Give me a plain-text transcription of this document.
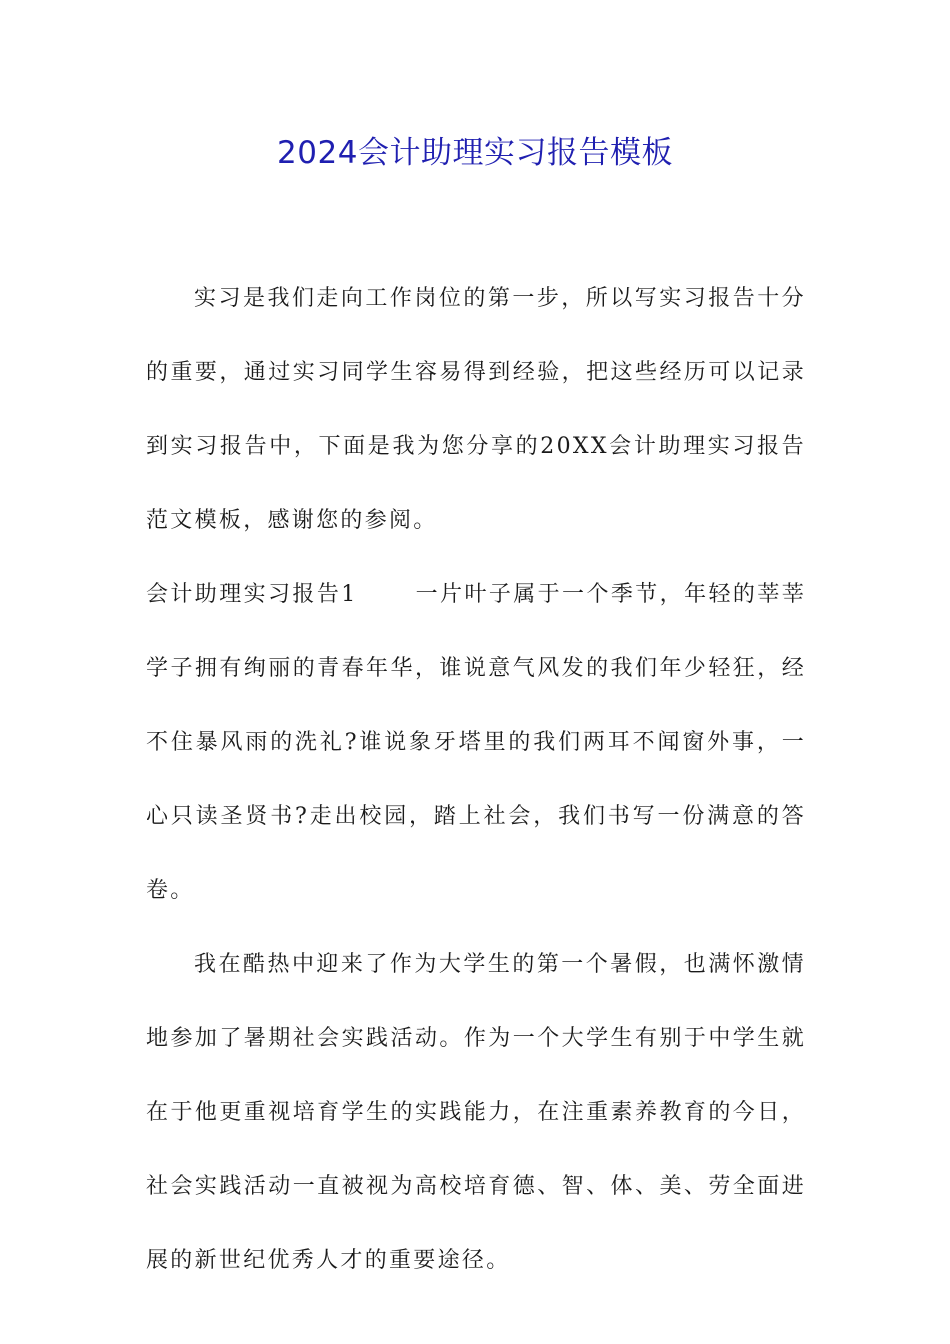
2024会计助理实习报告模板

实习是我们走向工作岗位的第一步，所以写实习报告十分的重要，通过实习同学生容易得到经验，把这些经历可以记录到实习报告中，下面是我为您分享的20XX会计助理实习报告范文模板，感谢您的参阅。

会计助理实习报告1	一片叶子属于一个季节，年轻的莘莘学子拥有绚丽的青春年华，谁说意气风发的我们年少轻狂，经不住暴风雨的洗礼?谁说象牙塔里的我们两耳不闻窗外事，一心只读圣贤书?走出校园，踏上社会，我们书写一份满意的答卷。

我在酷热中迎来了作为大学生的第一个暑假，也满怀激情地参加了暑期社会实践活动。作为一个大学生有别于中学生就在于他更重视培育学生的实践能力，在注重素养教育的今日，社会实践活动一直被视为高校培育德、智、体、美、劳全面进展的新世纪优秀人才的重要途径。
